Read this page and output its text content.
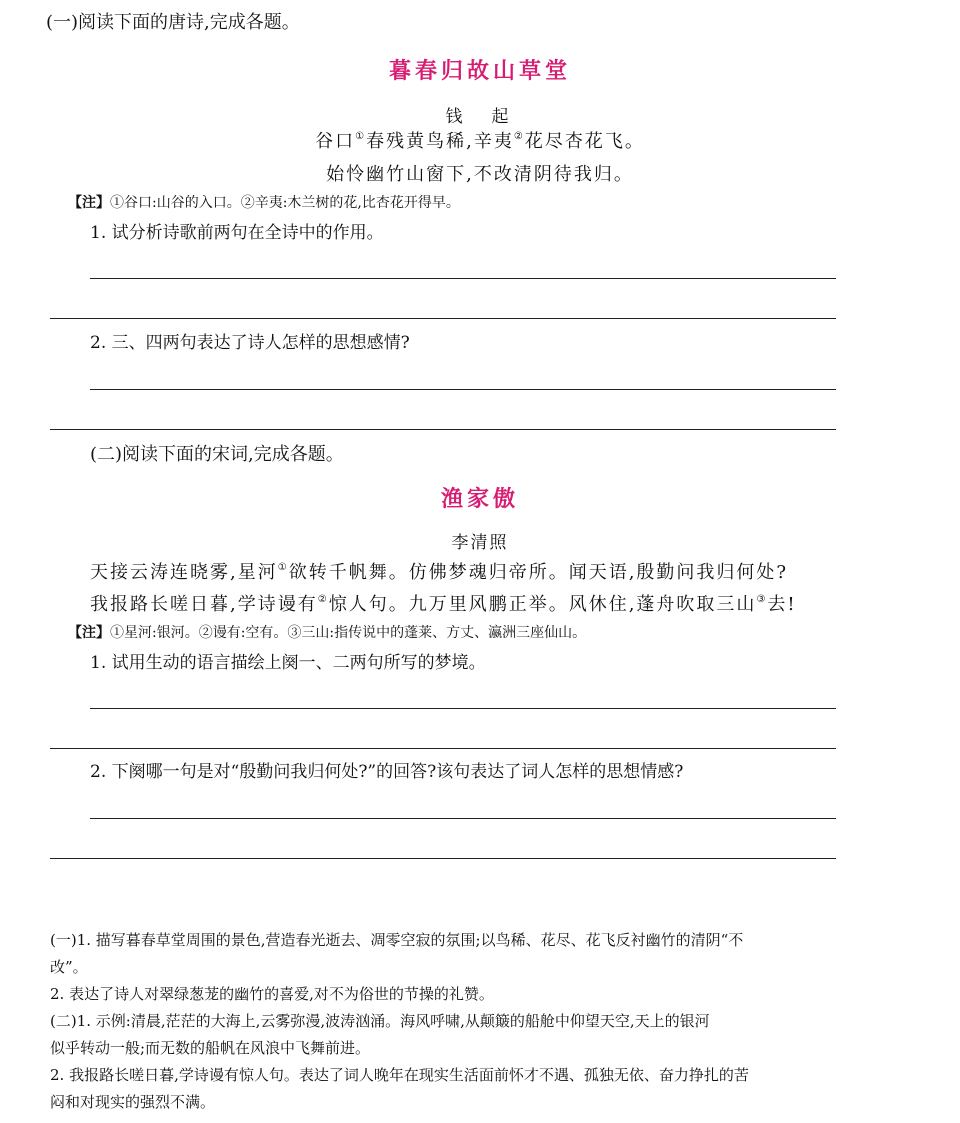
(一)阅读下面的唐诗,完成各题。
暮春归故山草堂
钱　起
谷口①春残黄鸟稀,辛夷②花尽杏花飞。
始怜幽竹山窗下,不改清阴待我归。
【注】①谷口:山谷的入口。②辛夷:木兰树的花,比杏花开得早。
1. 试分析诗歌前两句在全诗中的作用。
2. 三、四两句表达了诗人怎样的思想感情?
(二)阅读下面的宋词,完成各题。
渔家傲
李清照
天接云涛连晓雾,星河①欲转千帆舞。仿佛梦魂归帝所。闻天语,殷勤问我归何处?
我报路长嗟日暮,学诗谩有②惊人句。九万里风鹏正举。风休住,蓬舟吹取三山③去!
【注】①星河:银河。②谩有:空有。③三山:指传说中的蓬莱、方丈、瀛洲三座仙山。
1. 试用生动的语言描绘上阕一、二两句所写的梦境。
2. 下阕哪一句是对“殷勤问我归何处?”的回答?该句表达了词人怎样的思想情感?
(一)1. 描写暮春草堂周围的景色,营造春光逝去、凋零空寂的氛围;以鸟稀、花尽、花飞反衬幽竹的清阴“不
改”。
2. 表达了诗人对翠绿葱茏的幽竹的喜爱,对不为俗世的节操的礼赞。
(二)1. 示例:清晨,茫茫的大海上,云雾弥漫,波涛汹涌。海风呼啸,从颠簸的船舱中仰望天空,天上的银河
似乎转动一般;而无数的船帆在风浪中飞舞前进。
2. 我报路长嗟日暮,学诗谩有惊人句。表达了词人晚年在现实生活面前怀才不遇、孤独无依、奋力挣扎的苦
闷和对现实的强烈不满。
